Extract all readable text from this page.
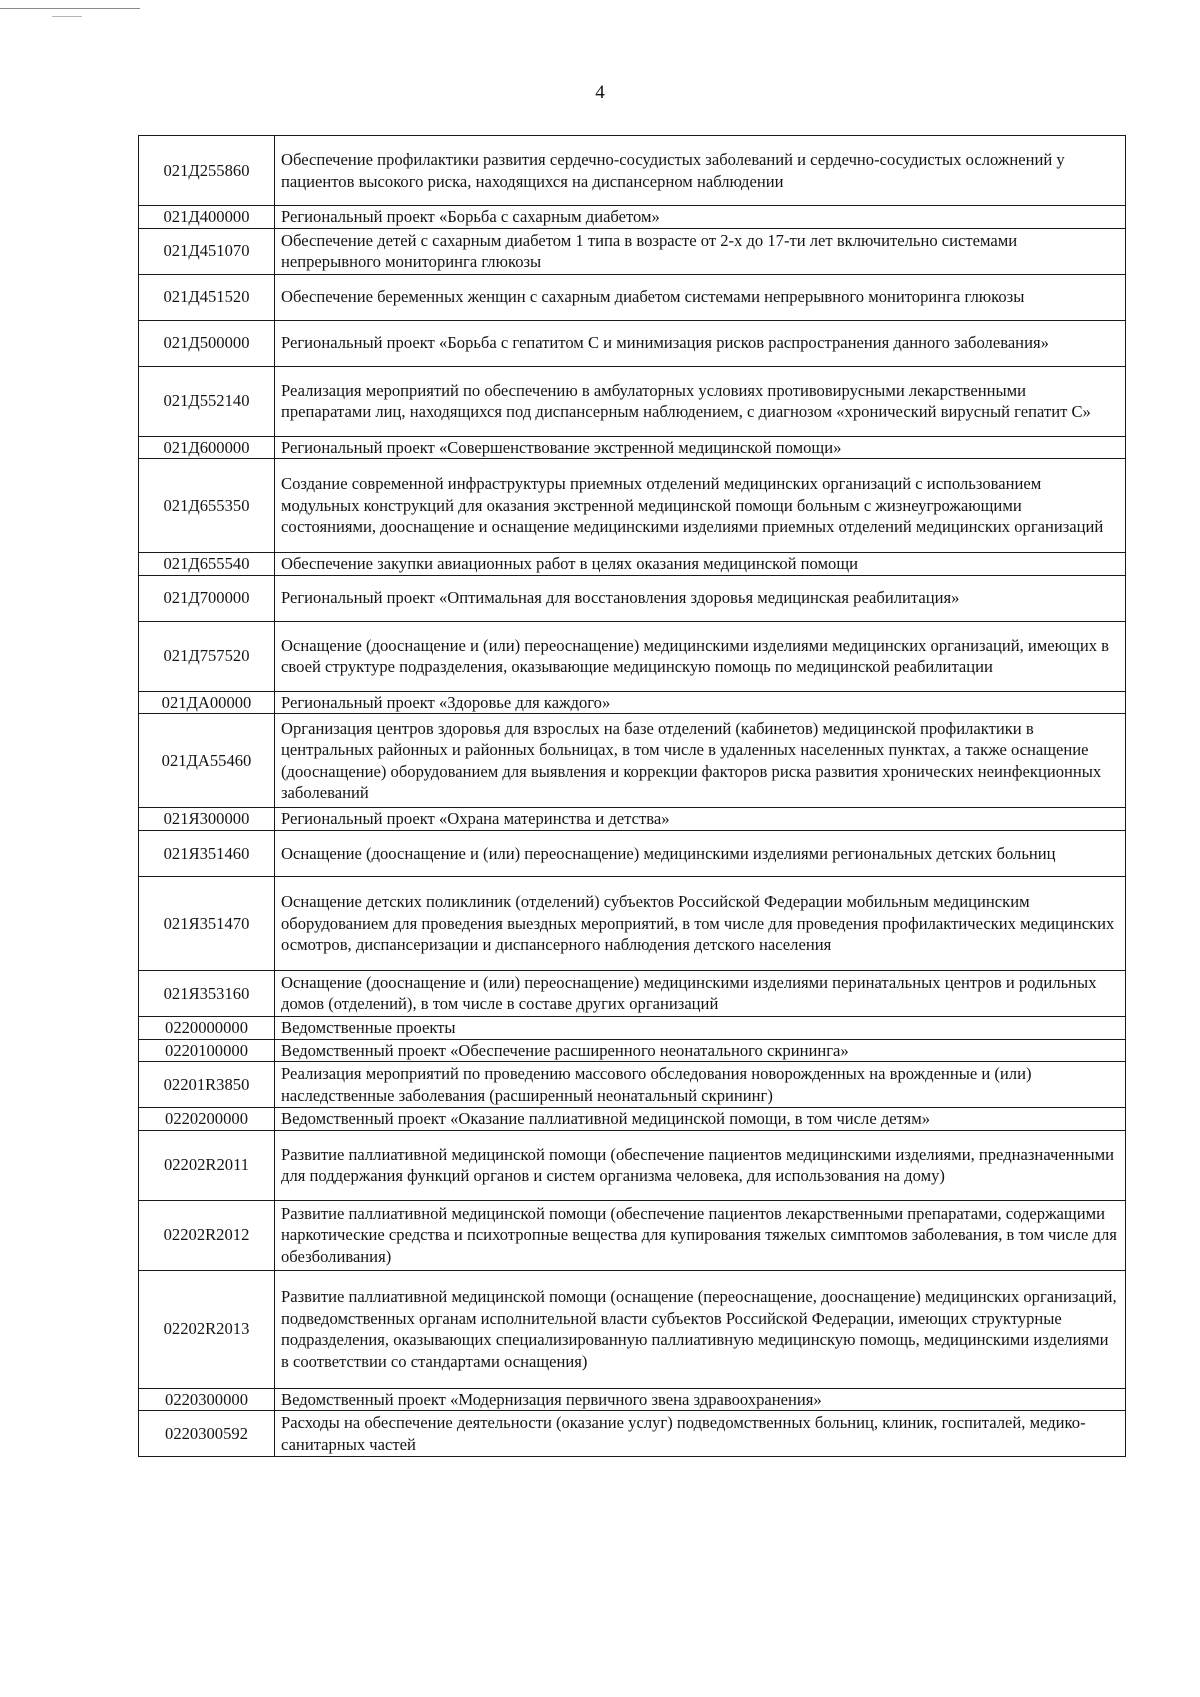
4
021Д255860	Обеспечение профилактики развития сердечно-сосудистых заболеваний и сердечно-сосудистых осложнений у пациентов высокого риска, находящихся на диспансерном наблюдении
021Д400000	Региональный проект «Борьба с сахарным диабетом»
021Д451070	Обеспечение детей с сахарным диабетом 1 типа в возрасте от 2-х до 17-ти лет включительно системами непрерывного мониторинга глюкозы
021Д451520	Обеспечение беременных женщин с сахарным диабетом системами непрерывного мониторинга глюкозы
021Д500000	Региональный проект «Борьба с гепатитом С и минимизация рисков распространения данного заболевания»
021Д552140	Реализация мероприятий по обеспечению в амбулаторных условиях противовирусными лекарственными препаратами лиц, находящихся под диспансерным наблюдением, с диагнозом «хронический вирусный гепатит С»
021Д600000	Региональный проект «Совершенствование экстренной медицинской помощи»
021Д655350	Создание современной инфраструктуры приемных отделений медицинских организаций с использованием модульных конструкций для оказания экстренной медицинской помощи больным с жизнеугрожающими состояниями, дооснащение и оснащение медицинскими изделиями приемных отделений медицинских организаций
021Д655540	Обеспечение закупки авиационных работ в целях оказания медицинской помощи
021Д700000	Региональный проект «Оптимальная для восстановления здоровья медицинская реабилитация»
021Д757520	Оснащение (дооснащение и (или) переоснащение) медицинскими изделиями медицинских организаций, имеющих в своей структуре подразделения, оказывающие медицинскую помощь по медицинской реабилитации
021ДА00000	Региональный проект «Здоровье для каждого»
021ДА55460	Организация центров здоровья для взрослых на базе отделений (кабинетов) медицинской профилактики в центральных районных и районных больницах, в том числе в удаленных населенных пунктах, а также оснащение (дооснащение) оборудованием для выявления и коррекции факторов риска развития хронических неинфекционных заболеваний
021Я300000	Региональный проект «Охрана материнства и детства»
021Я351460	Оснащение (дооснащение и (или) переоснащение) медицинскими изделиями региональных детских больниц
021Я351470	Оснащение детских поликлиник (отделений) субъектов Российской Федерации мобильным медицинским оборудованием для проведения выездных мероприятий, в том числе для проведения профилактических медицинских осмотров, диспансеризации и диспансерного наблюдения детского населения
021Я353160	Оснащение (дооснащение и (или) переоснащение) медицинскими изделиями перинатальных центров и родильных домов (отделений), в том числе в составе других организаций
0220000000	Ведомственные проекты
0220100000	Ведомственный проект «Обеспечение расширенного неонатального скрининга»
02201R3850	Реализация мероприятий по проведению массового обследования новорожденных на врожденные и (или) наследственные заболевания (расширенный неонатальный скрининг)
0220200000	Ведомственный проект «Оказание паллиативной медицинской помощи, в том числе детям»
02202R2011	Развитие паллиативной медицинской помощи (обеспечение пациентов медицинскими изделиями, предназначенными для поддержания функций органов и систем организма человека, для использования на дому)
02202R2012	Развитие паллиативной медицинской помощи (обеспечение пациентов лекарственными препаратами, содержащими наркотические средства и психотропные вещества для купирования тяжелых симптомов заболевания, в том числе для обезболивания)
02202R2013	Развитие паллиативной медицинской помощи (оснащение (переоснащение, дооснащение) медицинских организаций, подведомственных органам исполнительной власти субъектов Российской Федерации, имеющих структурные подразделения, оказывающих специализированную паллиативную медицинскую помощь, медицинскими изделиями в соответствии со стандартами оснащения)
0220300000	Ведомственный проект «Модернизация первичного звена здравоохранения»
0220300592	Расходы на обеспечение деятельности (оказание услуг) подведомственных больниц, клиник, госпиталей, медико-санитарных частей
